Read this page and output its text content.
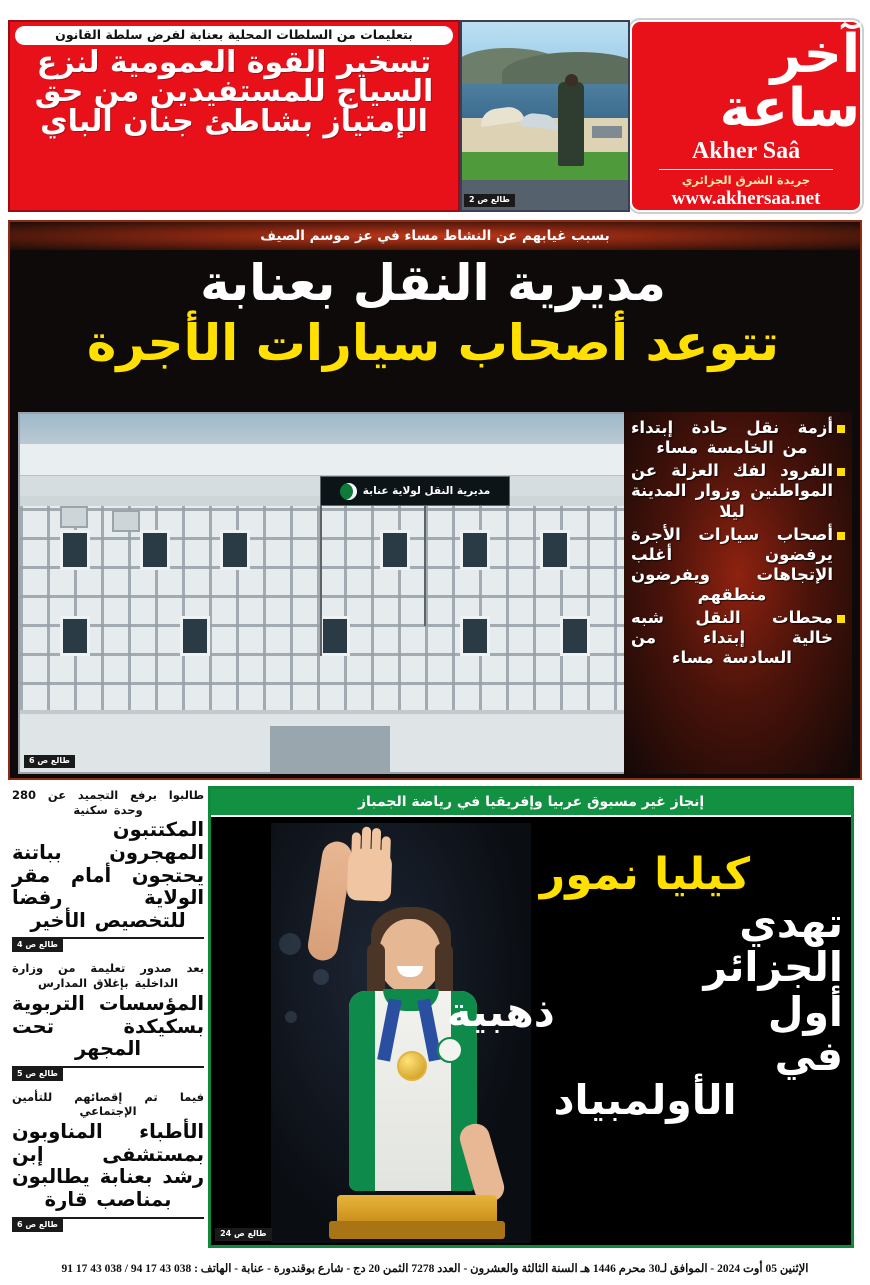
آخر ساعة
Akher Saâ
جريدة الشرق الجزائري
www.akhersaa.net
طالع ص 2
بتعليمات من السلطات المحلية بعنابة لفرض سلطة القانون
تسخير القوة العمومية لنزع
السياج للمستفيدين من حق
الإمتياز بشاطئ جنان الباي
بسبب غيابهم عن النشاط مساء في عز موسم الصيف
مديرية النقل بعنابة
تتوعد أصحاب سيارات الأجرة
مديرية النقل لولاية عنابة
طالع ص 6
أزمة نقل حادة إبتداء من الخامسة مساء
الفرود لفك العزلة عن المواطنين وزوار المدينة ليلا
أصحاب سيارات الأجرة يرفضون أغلب الإتجاهات ويفرضون منطقهم
محطات النقل شبه خالية إبتداء من السادسة مساء
إنجاز غير مسبوق عربيا وإفريقيا في رياضة الجمباز
كيليا نمور
تهدي
الجزائر
أول ذهبية
في
الأولمبياد
طالع ص 24
طالبوا برفع التجميد عن 280 وحدة سكنية
المكتتبون المهجرون بباتنة يحتجون أمام مقر الولاية رفضا للتخصيص الأخير
طالع ص 4
بعد صدور تعليمة من وزارة الداخلية بإغلاق المدارس
المؤسسات التربوية بسكيكدة تحت المجهر
طالع ص 5
فيما تم إقصائهم للتأمين الإجتماعي
الأطباء المناوبون بمستشفى إبن رشد بعنابة يطالبون بمناصب قارة
طالع ص 6
الإثنين 05 أوت 2024 - الموافق لـ30 محرم 1446 هـ السنة الثالثة والعشرون - العدد 7278 الثمن 20 دج - شارع بوقندورة - عنابة - الهاتف : 038 43 17 94 / 038 43 17 91
